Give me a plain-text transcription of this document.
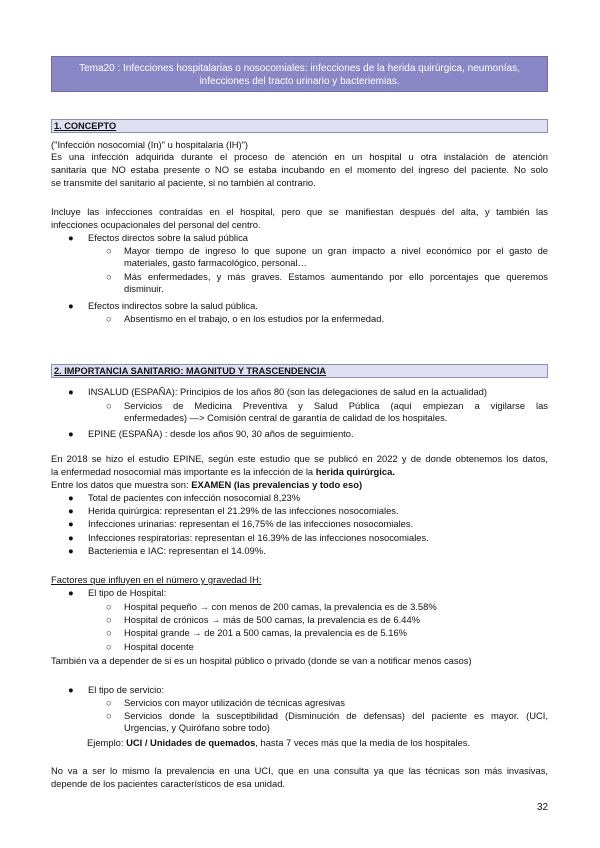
Tema20 : Infecciones hospitalarias o nosocomiales: infecciones de la herida quirúrgica, neumonías,
infecciones del tracto urinario y bacteriemias.
1. CONCEPTO
("Infección nosocomial (In)" u hospitalaria (IH)")
Es una infección adquirida durante el proceso de atención en un hospital u otra instalación de atención
sanitaria que NO estaba presente o NO se estaba incubando en el momento del ingreso del paciente. No solo
se transmite del sanitario al paciente, si no también al contrario.
Incluye las infecciones contraídas en el hospital, pero que se manifiestan después del alta, y también las
infecciones ocupacionales del personal del centro.
● Efectos directos sobre la salud pública
○ Mayor tiempo de ingreso lo que supone un gran impacto a nivel económico por el gasto de
materiales, gasto farmacológico, personal…
○ Más enfermedades, y más graves. Estamos aumentando por ello porcentajes que queremos
disminuir.
● Efectos indirectos sobre la salud pública.
○ Absentismo en el trabajo, o en los estudios por la enfermedad.
2. IMPORTANCIA SANITARIO: MAGNITUD Y TRASCENDENCIA
● INSALUD (ESPAÑA): Principios de los años 80 (son las delegaciones de salud en la actualidad)
○ Servicios de Medicina Preventiva y Salud Pública (aquí empiezan a vigilarse las
enfermedades) —> Comisión central de garantía de calidad de los hospitales.
● EPINE (ESPAÑA) : desde los años 90, 30 años de seguimiento.
En 2018 se hizo el estudio EPINE, según este estudio que se publicó en 2022 y de donde obtenemos los datos,
la enfermedad nosocomial más importante es la infección de la herida quirúrgica.
Entre los datos que muestra son: EXAMEN (las prevalencias y todo eso)
● Total de pacientes con infección nosocomial 8,23%
● Herida quirúrgica: representan el 21.29% de las infecciones nosocomiales.
● Infecciones urinarias: representan el 16,75% de las infecciones nosocomiales.
● Infecciones respiratorias: representan el 16.39% de las infecciones nosocomiales.
● Bacteriemia e IAC: representan el 14.09%.
Factores que influyen en el número y gravedad IH:
● El tipo de Hospital:
○ Hospital pequeño → con menos de 200 camas, la prevalencia es de 3.58%
○ Hospital de crónicos → más de 500 camas, la prevalencia es de 6.44%
○ Hospital grande → de 201 a 500 camas, la prevalencia es de 5.16%
○ Hospital docente
También va a depender de si es un hospital público o privado (donde se van a notificar menos casos)
● El tipo de servicio:
○ Servicios con mayor utilización de técnicas agresivas
○ Servicios donde la susceptibilidad (Disminución de defensas) del paciente es mayor. (UCI,
Urgencias, y Quirófano sobre todo)
Ejemplo: UCI / Unidades de quemados, hasta 7 veces más que la media de los hospitales.
No va a ser lo mismo la prevalencia en una UCI, que en una consulta ya que las técnicas son más invasivas,
depende de los pacientes característicos de esa unidad.
32
